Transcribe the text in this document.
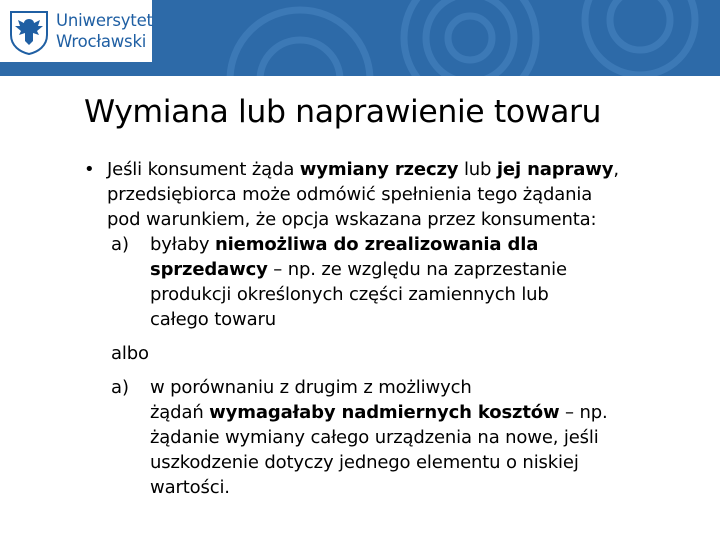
Uniwersytet
Wrocławski
Wymiana lub naprawienie towaru
• Jeśli konsument żąda wymiany rzeczy lub jej naprawy,
przedsiębiorca może odmówić spełnienia tego żądania
pod warunkiem, że opcja wskazana przez konsumenta:
a) byłaby niemożliwa do zrealizowania dla
sprzedawcy – np. ze względu na zaprzestanie
produkcji określonych części zamiennych lub
całego towaru
albo
a) w porównaniu z drugim z możliwych
żądań wymagałaby nadmiernych kosztów – np.
żądanie wymiany całego urządzenia na nowe, jeśli
uszkodzenie dotyczy jednego elementu o niskiej
wartości.
